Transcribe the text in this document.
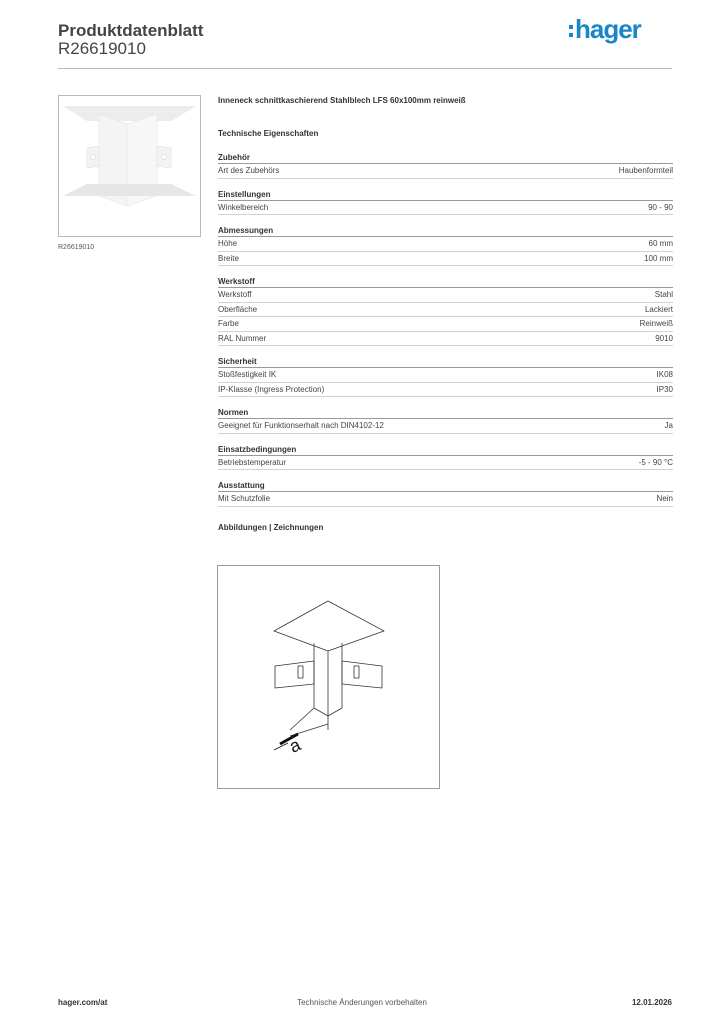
Produktdatenblatt
R26619010
hager
R26619010
Inneneck schnittkaschierend Stahlblech LFS 60x100mm reinweiß
Technische Eigenschaften
Zubehör
Art des Zubehörs	Haubenformteil
Einstellungen
Winkelbereich	90 - 90
Abmessungen
Höhe	60 mm
Breite	100 mm
Werkstoff
Werkstoff	Stahl
Oberfläche	Lackiert
Farbe	Reinweiß
RAL Nummer	9010
Sicherheit
Stoßfestigkeit IK	IK08
IP-Klasse (Ingress Protection)	IP30
Normen
Geeignet für Funktionserhalt nach DIN4102-12	Ja
Einsatzbedingungen
Betriebstemperatur	-5 - 90 °C
Ausstattung
Mit Schutzfolie	Nein
Abbildungen | Zeichnungen
a
Technische Änderungen vorbehalten
hager.com/at	12.01.2026
